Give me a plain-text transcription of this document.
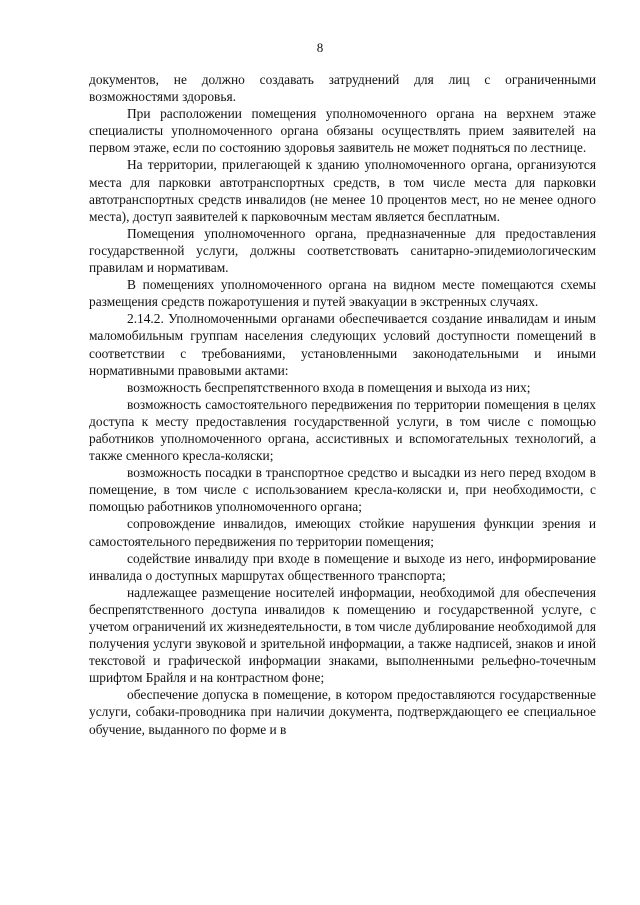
8

документов, не должно создавать затруднений для лиц с ограниченными возможностями здоровья.

При расположении помещения уполномоченного органа на верхнем этаже специалисты уполномоченного органа обязаны осуществлять прием заявителей на первом этаже, если по состоянию здоровья заявитель не может подняться по лестнице.

На территории, прилегающей к зданию уполномоченного органа, организуются места для парковки автотранспортных средств, в том числе места для парковки автотранспортных средств инвалидов (не менее 10 процентов мест, но не менее одного места), доступ заявителей к парковочным местам является бесплатным.

Помещения уполномоченного органа, предназначенные для предоставления государственной услуги, должны соответствовать санитарно-эпидемиологическим правилам и нормативам.

В помещениях уполномоченного органа на видном месте помещаются схемы размещения средств пожаротушения и путей эвакуации в экстренных случаях.

2.14.2. Уполномоченными органами обеспечивается создание инвалидам и иным маломобильным группам населения следующих условий доступности помещений в соответствии с требованиями, установленными законодательными и иными нормативными правовыми актами:

возможность беспрепятственного входа в помещения и выхода из них;

возможность самостоятельного передвижения по территории помещения в целях доступа к месту предоставления государственной услуги, в том числе с помощью работников уполномоченного органа, ассистивных и вспомогательных технологий, а также сменного кресла-коляски;

возможность посадки в транспортное средство и высадки из него перед входом в помещение, в том числе с использованием кресла-коляски и, при необходимости, с помощью работников уполномоченного органа;

сопровождение инвалидов, имеющих стойкие нарушения функции зрения и самостоятельного передвижения по территории помещения;

содействие инвалиду при входе в помещение и выходе из него, информирование инвалида о доступных маршрутах общественного транспорта;

надлежащее размещение носителей информации, необходимой для обеспечения беспрепятственного доступа инвалидов к помещению и государственной услуге, с учетом ограничений их жизнедеятельности, в том числе дублирование необходимой для получения услуги звуковой и зрительной информации, а также надписей, знаков и иной текстовой и графической информации знаками, выполненными рельефно-точечным шрифтом Брайля и на контрастном фоне;

обеспечение допуска в помещение, в котором предоставляются государственные услуги, собаки-проводника при наличии документа, подтверждающего ее специальное обучение, выданного по форме и в
